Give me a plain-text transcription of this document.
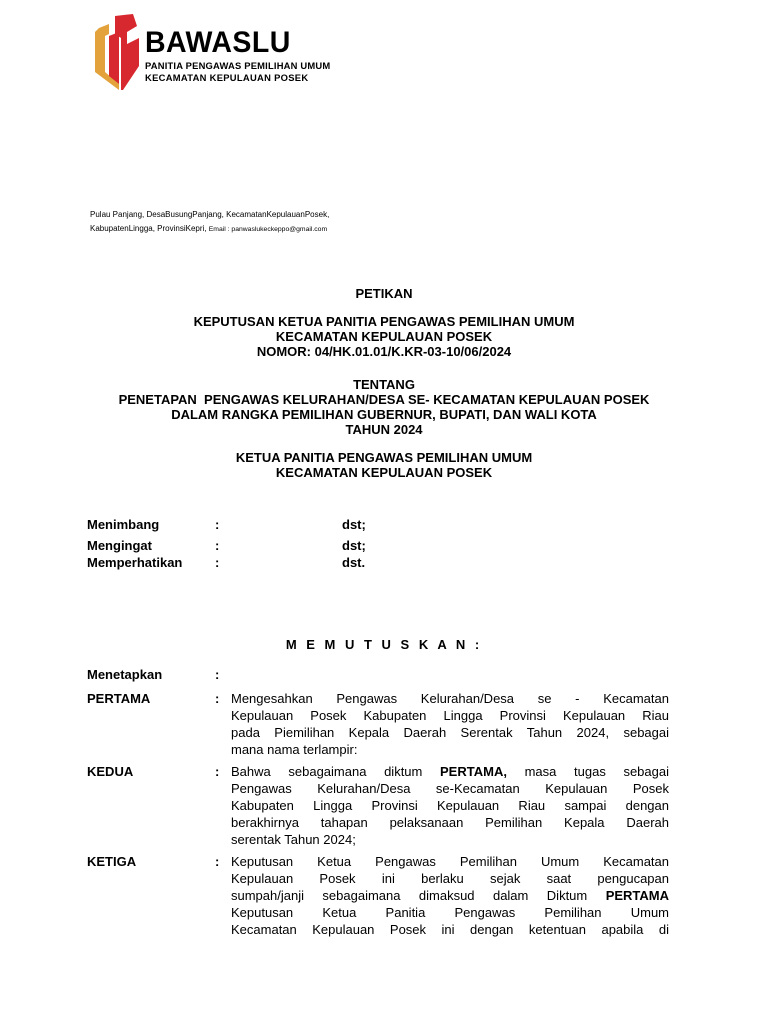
BAWASLU
PANITIA PENGAWAS PEMILIHAN UMUM
KECAMATAN KEPULAUAN POSEK
Pulau Panjang, DesaBusungPanjang, KecamatanKepulauanPosek,
KabupatenLingga, ProvinsiKepri, Email : panwaslukeckeppo@gmail.com
PETIKAN
KEPUTUSAN KETUA PANITIA PENGAWAS PEMILIHAN UMUM
KECAMATAN KEPULAUAN POSEK
NOMOR: 04/HK.01.01/K.KR-03-10/06/2024
TENTANG
PENETAPAN  PENGAWAS KELURAHAN/DESA SE- KECAMATAN KEPULAUAN POSEK
DALAM RANGKA PEMILIHAN GUBERNUR, BUPATI, DAN WALI KOTA
TAHUN 2024
KETUA PANITIA PENGAWAS PEMILIHAN UMUM
KECAMATAN KEPULAUAN POSEK
Menimbang	:	dst;
Mengingat	:	dst;
Memperhatikan	:	dst.
M E M U T U S K A N :
Menetapkan	:
PERTAMA	: Mengesahkan Pengawas Kelurahan/Desa se - Kecamatan
Kepulauan Posek Kabupaten Lingga Provinsi Kepulauan Riau
pada Piemilihan Kepala Daerah Serentak Tahun 2024, sebagai
mana nama terlampir:
KEDUA	: Bahwa sebagaimana diktum PERTAMA, masa tugas sebagai
Pengawas Kelurahan/Desa se-Kecamatan Kepulauan Posek
Kabupaten Lingga Provinsi Kepulauan Riau sampai dengan
berakhirnya tahapan pelaksanaan Pemilihan Kepala Daerah
serentak Tahun 2024;
KETIGA	: Keputusan Ketua Pengawas Pemilihan Umum Kecamatan
Kepulauan Posek ini berlaku sejak saat pengucapan
sumpah/janji sebagaimana dimaksud dalam Diktum PERTAMA
Keputusan Ketua Panitia Pengawas Pemilihan Umum
Kecamatan Kepulauan Posek ini dengan ketentuan apabila di
